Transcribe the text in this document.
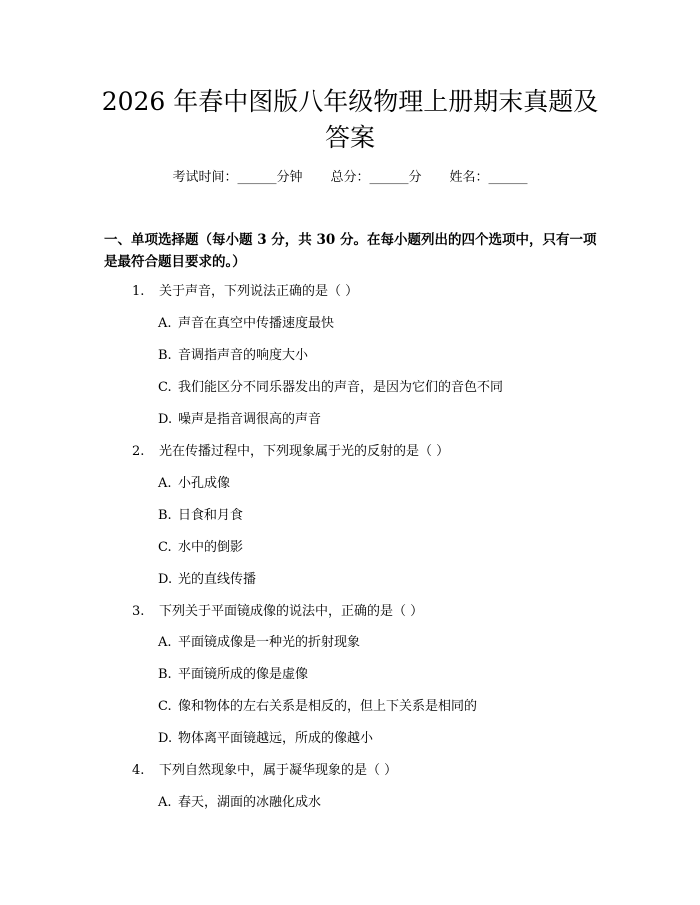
2026 年春中图版八年级物理上册期末真题及答案
考试时间：______分钟 总分：______分 姓名：______

一、单项选择题（每小题 3 分，共 30 分。在每小题列出的四个选项中，只有一项是最符合题目要求的。）

1. 关于声音，下列说法正确的是（ ）
A. 声音在真空中传播速度最快
B. 音调指声音的响度大小
C. 我们能区分不同乐器发出的声音，是因为它们的音色不同
D. 噪声是指音调很高的声音
2. 光在传播过程中，下列现象属于光的反射的是（ ）
A. 小孔成像
B. 日食和月食
C. 水中的倒影
D. 光的直线传播
3. 下列关于平面镜成像的说法中，正确的是（ ）
A. 平面镜成像是一种光的折射现象
B. 平面镜所成的像是虚像
C. 像和物体的左右关系是相反的，但上下关系是相同的
D. 物体离平面镜越远，所成的像越小
4. 下列自然现象中，属于凝华现象的是（ ）
A. 春天，湖面的冰融化成水
